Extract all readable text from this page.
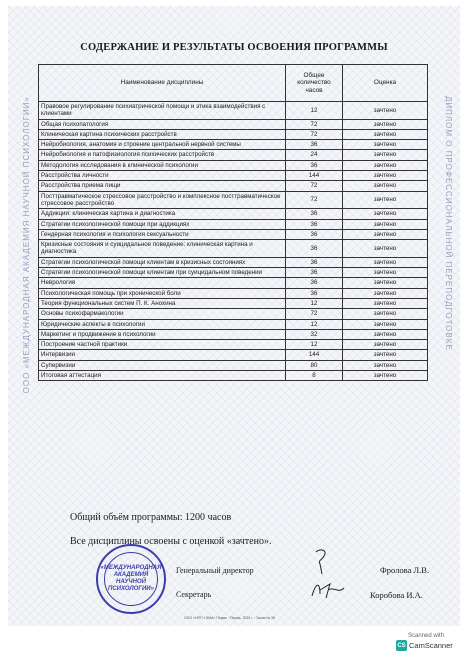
ООО «МЕЖДУНАРОДНАЯ АКАДЕМИЯ НАУЧНОЙ ПСИХОЛОГИИ»	ДИПЛОМ О ПРОФЕССИОНАЛЬНОЙ ПЕРЕПОДГОТОВКЕ
СОДЕРЖАНИЕ И РЕЗУЛЬТАТЫ ОСВОЕНИЯ ПРОГРАММЫ
Наименование дисциплины	Общее количество часов	Оценка
Правовое регулирование психиатрической помощи и этика взаимодействия с клиентами	12	зачтено
Общая психопатология	72	зачтено
Клиническая картина психических расстройств	72	зачтено
Нейробиология, анатомия и строение центральной нервной системы	36	зачтено
Нейробиология и патофизиология психических расстройств	24	зачтено
Методология исследования в клинической психологии	36	зачтено
Расстройства личности	144	зачтено
Расстройства приема пищи	72	зачтено
Посттравматическое стрессовое расстройство и комплексное посттравматическое стрессовое расстройство	72	зачтено
Аддикции: клиническая картина и диагностика	36	зачтено
Стратегии психологической помощи при аддикциях	36	зачтено
Гендерная психология и психология сексуальности	36	зачтено
Кризисные состояния и суицидальное поведение: клиническая картина и диагностика	36	зачтено
Стратегии психологической помощи клиентам в кризисных состояниях	36	зачтено
Стратегии психологической помощи клиентам при суицидальном поведении	36	зачтено
Неврология	36	зачтено
Психологическая помощь при хронической боли	36	зачтено
Теория функциональных систем П. К. Анохина	12	зачтено
Основы психофармакологии	72	зачтено
Юридические аспекты в психологии	12	зачтено
Маркетинг и продвижение в психологии	32	зачтено
Построение частной практики	12	зачтено
Интервизии	144	зачтено
Супервизии	80	зачтено
Итоговая аттестация	8	зачтено
Общий объём программы: 1200 часов
Все дисциплины освоены с оценкой «зачтено».
«МЕЖДУНАРОДНАЯ
АКАДЕМИЯ
НАУЧНОЙ
ПСИХОЛОГИИ»
Генеральный директор	Фролова Л.В.
Секретарь	Коробова И.А.
ООО «НПП «ЭМА» Пермь · Пермь, 2024 г. · Заказ № 36
Scanned with
CS CamScanner
